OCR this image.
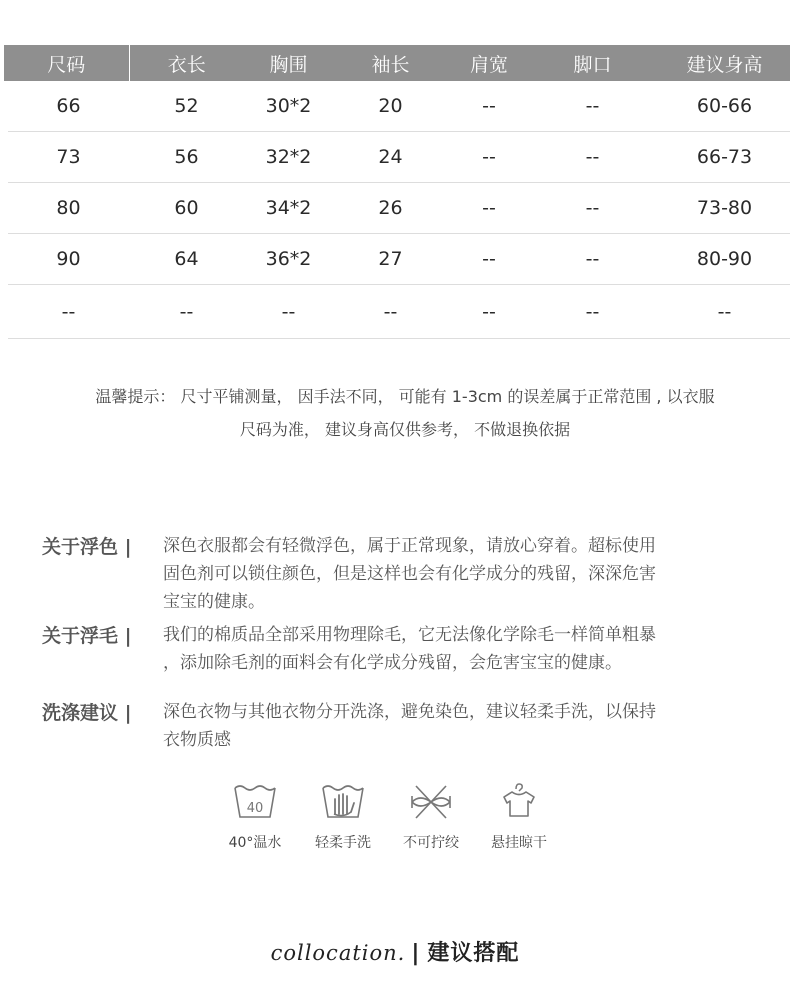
尺码	衣长	胸围	袖长	肩宽	脚口	建议身高
66	52	30*2	20	--	--	60-66
73	56	32*2	24	--	--	66-73
80	60	34*2	26	--	--	73-80
90	64	36*2	27	--	--	80-90
--	--	--	--	--	--	--
温馨提示： 尺寸平铺测量， 因手法不同， 可能有 1-3cm 的误差属于正常范围 , 以衣服
尺码为准， 建议身高仅供参考， 不做退换依据
关于浮色 |	深色衣服都会有轻微浮色，属于正常现象，请放心穿着。超标使用
固色剂可以锁住颜色，但是这样也会有化学成分的残留，深深危害
宝宝的健康。
关于浮毛 |	我们的棉质品全部采用物理除毛，它无法像化学除毛一样简单粗暴
，添加除毛剂的面料会有化学成分残留，会危害宝宝的健康。
洗涤建议 |	深色衣物与其他衣物分开洗涤，避免染色，建议轻柔手洗，以保持
衣物质感
40
40°温水	轻柔手洗	不可拧绞	悬挂晾干
collocation. | 建议搭配
